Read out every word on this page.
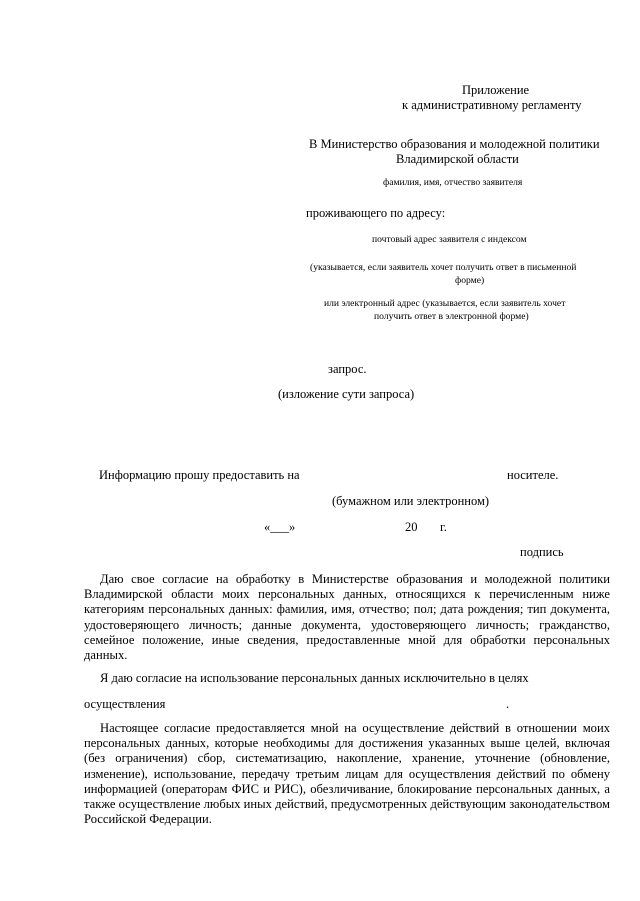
Приложение
к административному регламенту
В Министерство образования и молодежной политики
Владимирской области
фамилия, имя, отчество заявителя
проживающего по адресу:
почтовый адрес заявителя с индексом
(указывается, если заявитель хочет получить ответ в письменной
форме)
или электронный адрес (указывается, если заявитель хочет
получить ответ в электронной форме)
запрос.
(изложение сути запроса)
Информацию прошу предоставить на	носителе.
(бумажном или электронном)
«___»	20 г.
подпись
Даю свое согласие на обработку в Министерстве образования и молодежной политики Владимирской области моих персональных данных, относящихся к перечисленным ниже категориям персональных данных: фамилия, имя, отчество; пол; дата рождения; тип документа, удостоверяющего личность; данные документа, удостоверяющего личность; гражданство, семейное положение, иные сведения, предоставленные мной для обработки персональных данных.
Я даю согласие на использование персональных данных исключительно в целях
осуществления	.
Настоящее согласие предоставляется мной на осуществление действий в отношении моих персональных данных, которые необходимы для достижения указанных выше целей, включая (без ограничения) сбор, систематизацию, накопление, хранение, уточнение (обновление, изменение), использование, передачу третьим лицам для осуществления действий по обмену информацией (операторам ФИС и РИС), обезличивание, блокирование персональных данных, а также осуществление любых иных действий, предусмотренных действующим законодательством Российской Федерации.
